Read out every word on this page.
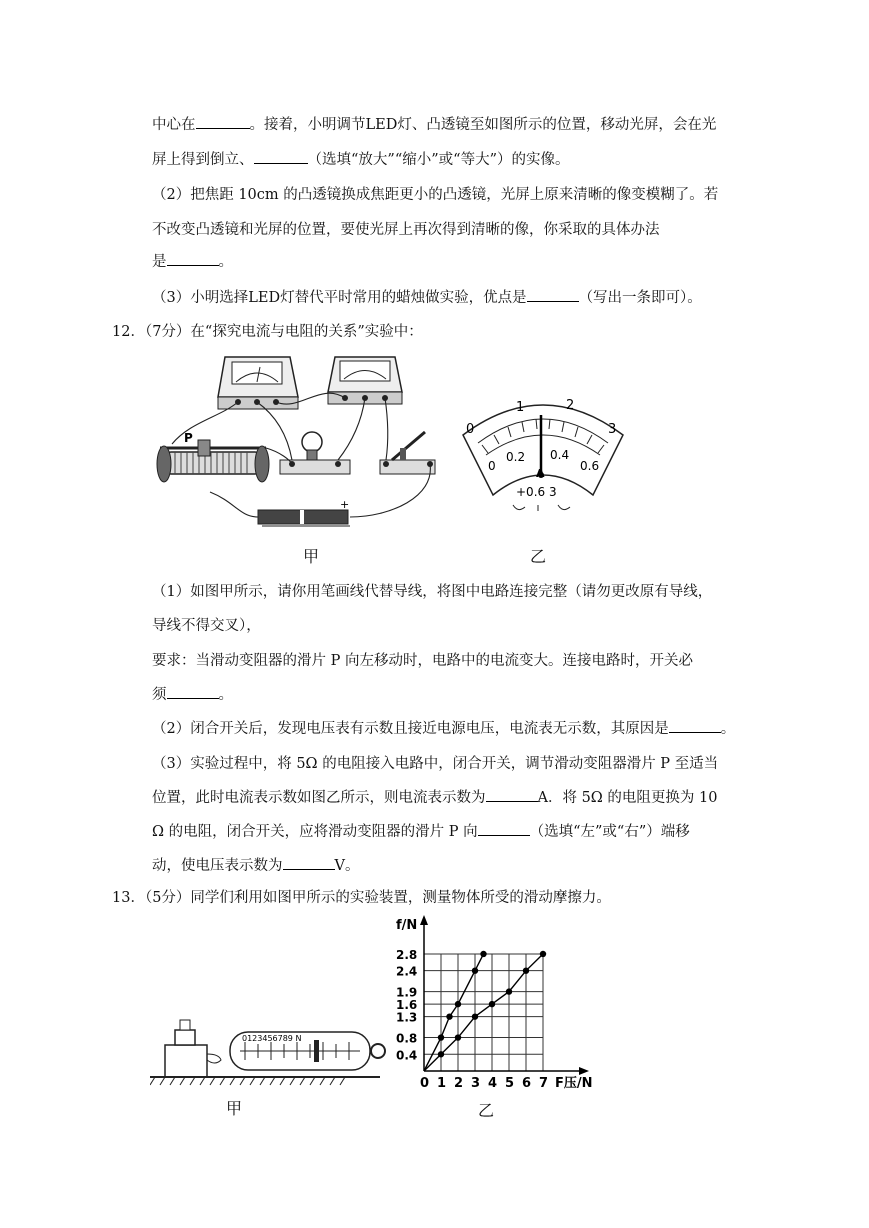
中心在	。接着，小明调节LED灯、凸透镜至如图所示的位置，移动光屏，会在光
屏上得到倒立、	（选填“放大”“缩小”或“等大”）的实像。
（2）把焦距 10cm 的凸透镜换成焦距更小的凸透镜，光屏上原来清晰的像变模糊了。若
不改变凸透镜和光屏的位置，要使光屏上再次得到清晰的像，你采取的具体办法
是	。
（3）小明选择LED灯替代平时常用的蜡烛做实验，优点是	（写出一条即可）。
12．（7分）在“探究电流与电阻的关系”实验中：
P
+
甲
0
1	2
3
0
0.2 0.4
0.6
A
+0.6 3
乙
（1）如图甲所示，请你用笔画线代替导线，将图中电路连接完整（请勿更改原有导线，
导线不得交叉），
要求：当滑动变阻器的滑片 P 向左移动时，电路中的电流变大。连接电路时，开关必
须	。
（2）闭合开关后，发现电压表有示数且接近电源电压，电流表无示数，其原因是	。
（3）实验过程中，将 5Ω 的电阻接入电路中，闭合开关，调节滑动变阻器滑片 P 至适当
位置，此时电流表示数如图乙所示，则电流表示数为	A．将 5Ω 的电阻更换为 10
Ω 的电阻，闭合开关，应将滑动变阻器的滑片 P 向	（选填“左”或“右”）端移
动，使电压表示数为	V。
13．（5分）同学们利用如图甲所示的实验装置，测量物体所受的滑动摩擦力。
0123456789 N
甲
0 1 2 3 4 5 6 7
0.4
0.8
1.3
1.6
1.9
2.4
2.8
f/N
F压/N
乙
